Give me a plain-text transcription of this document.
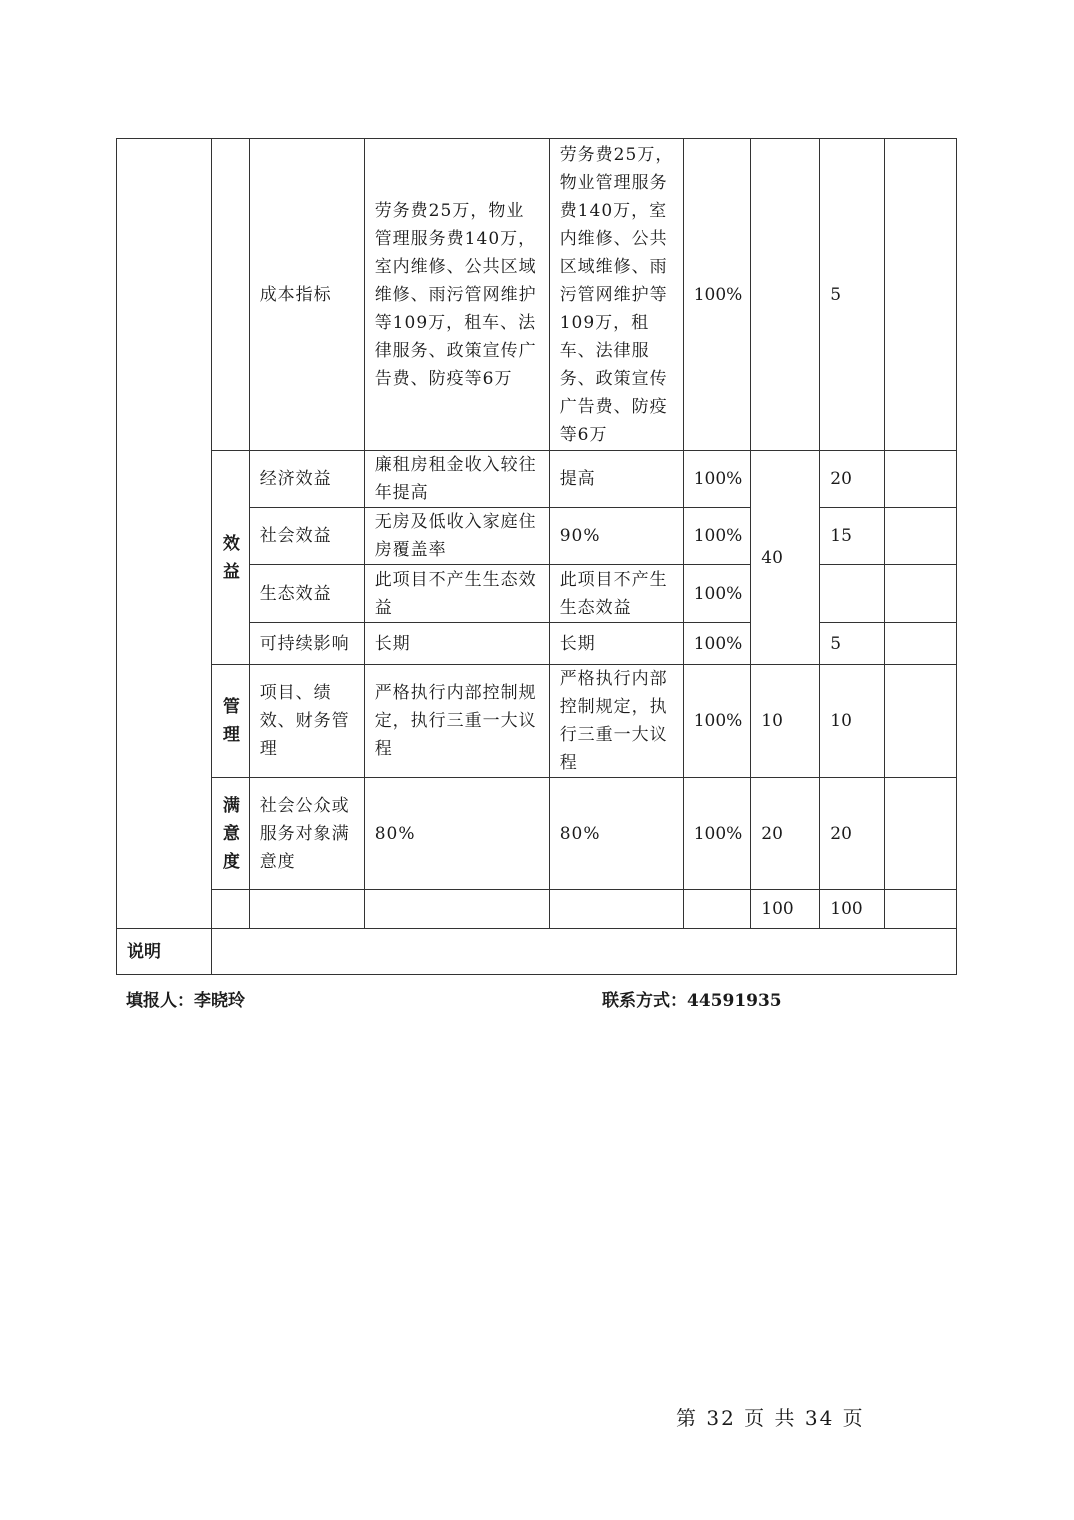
		成本指标	劳务费25万，物业管理服务费140万，室内维修、公共区域维修、雨污管网维护等109万，租车、法律服务、政策宣传广告费、防疫等6万	劳务费25万，物业管理服务费140万，室内维修、公共区域维修、雨污管网维护等109万，租车、法律服务、政策宣传广告费、防疫等6万	100%		5	

	效益	经济效益	廉租房租金收入较往年提高	提高	100%	40	20	
		社会效益	无房及低收入家庭住房覆盖率	90%	100%		15	
		生态效益	此项目不产生生态效益	此项目不产生生态效益	100%			
		可持续影响	长期	长期	100%		5	

	管理	项目、绩效、财务管理	严格执行内部控制规定，执行三重一大议程	严格执行内部控制规定，执行三重一大议程	100%	10	10	

	满意度	社会公众或服务对象满意度	80%	80%	100%	20	20	
						100	100	
说明								
填报人：李晓玲	联系方式：44591935
第 32 页 共 34 页
